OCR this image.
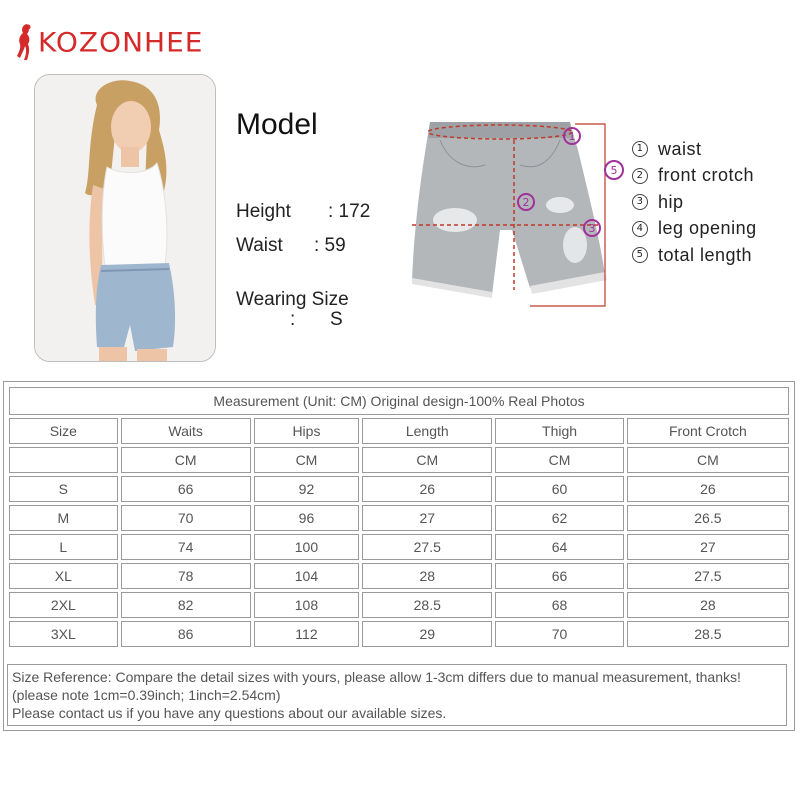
KOZONHEE
Model
Height : 172
Waist : 59
Wearing Size
: S
1
2
3
5
1 waist
2 front crotch
3 hip
4 leg opening
5 total length
Measurement (Unit: CM) Original design-100% Real Photos					
Size	Waits	Hips	Length	Thigh	Front Crotch
	CM	CM	CM	CM	CM
S	66	92	26	60	26
M	70	96	27	62	26.5
L	74	100	27.5	64	27
XL	78	104	28	66	27.5
2XL	82	108	28.5	68	28
3XL	86	112	29	70	28.5
Size Reference: Compare the detail sizes with yours, please allow 1-3cm differs due to manual measurement, thanks!
(please note 1cm=0.39inch; 1inch=2.54cm)
Please contact us if you have any questions about our available sizes.
